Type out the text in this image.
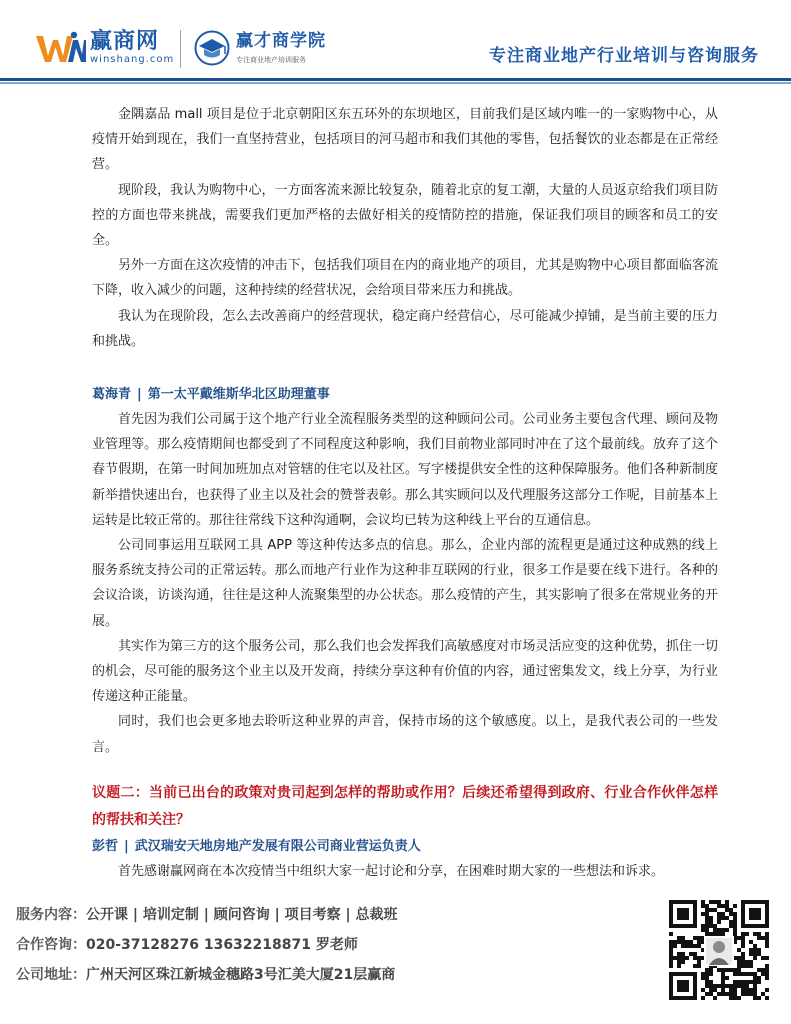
赢商网
winshang.com
赢才商学院
专注商业地产培训服务	专注商业地产行业培训与咨询服务

金隅嘉品 mall 项目是位于北京朝阳区东五环外的东坝地区，目前我们是区域内唯一的一家购物中心，从疫情开始到现在，我们一直坚持营业，包括项目的河马超市和我们其他的零售，包括餐饮的业态都是在正常经营。

现阶段，我认为购物中心，一方面客流来源比较复杂，随着北京的复工潮，大量的人员返京给我们项目防控的方面也带来挑战，需要我们更加严格的去做好相关的疫情防控的措施，保证我们项目的顾客和员工的安全。

另外一方面在这次疫情的冲击下，包括我们项目在内的商业地产的项目，尤其是购物中心项目都面临客流下降，收入减少的问题，这种持续的经营状况，会给项目带来压力和挑战。

我认为在现阶段，怎么去改善商户的经营现状，稳定商户经营信心，尽可能减少掉铺，是当前主要的压力和挑战。

葛海青 | 第一太平戴维斯华北区助理董事

首先因为我们公司属于这个地产行业全流程服务类型的这种顾问公司。公司业务主要包含代理、顾问及物业管理等。那么疫情期间也都受到了不同程度这种影响，我们目前物业部同时冲在了这个最前线。放弃了这个春节假期，在第一时间加班加点对管辖的住宅以及社区。写字楼提供安全性的这种保障服务。他们各种新制度新举措快速出台，也获得了业主以及社会的赞誉表彰。那么其实顾问以及代理服务这部分工作呢，目前基本上运转是比较正常的。那往往常线下这种沟通啊，会议均已转为这种线上平台的互通信息。

公司同事运用互联网工具 APP 等这种传达多点的信息。那么，企业内部的流程更是通过这种成熟的线上服务系统支持公司的正常运转。那么而地产行业作为这种非互联网的行业，很多工作是要在线下进行。各种的会议洽谈，访谈沟通，往往是这种人流聚集型的办公状态。那么疫情的产生，其实影响了很多在常规业务的开展。

其实作为第三方的这个服务公司，那么我们也会发挥我们高敏感度对市场灵活应变的这种优势，抓住一切的机会，尽可能的服务这个业主以及开发商，持续分享这种有价值的内容，通过密集发文，线上分享，为行业传递这种正能量。

同时，我们也会更多地去聆听这种业界的声音，保持市场的这个敏感度。以上，是我代表公司的一些发言。

议题二：当前已出台的政策对贵司起到怎样的帮助或作用？后续还希望得到政府、行业合作伙伴怎样的帮扶和关注？

彭哲 | 武汉瑞安天地房地产发展有限公司商业营运负责人

首先感谢赢网商在本次疫情当中组织大家一起讨论和分享，在困难时期大家的一些想法和诉求。

服务内容：公开课 | 培训定制 | 顾问咨询 | 项目考察 | 总裁班
合作咨询：020-37128276 13632218871 罗老师
公司地址：广州天河区珠江新城金穗路3号汇美大厦21层赢商
